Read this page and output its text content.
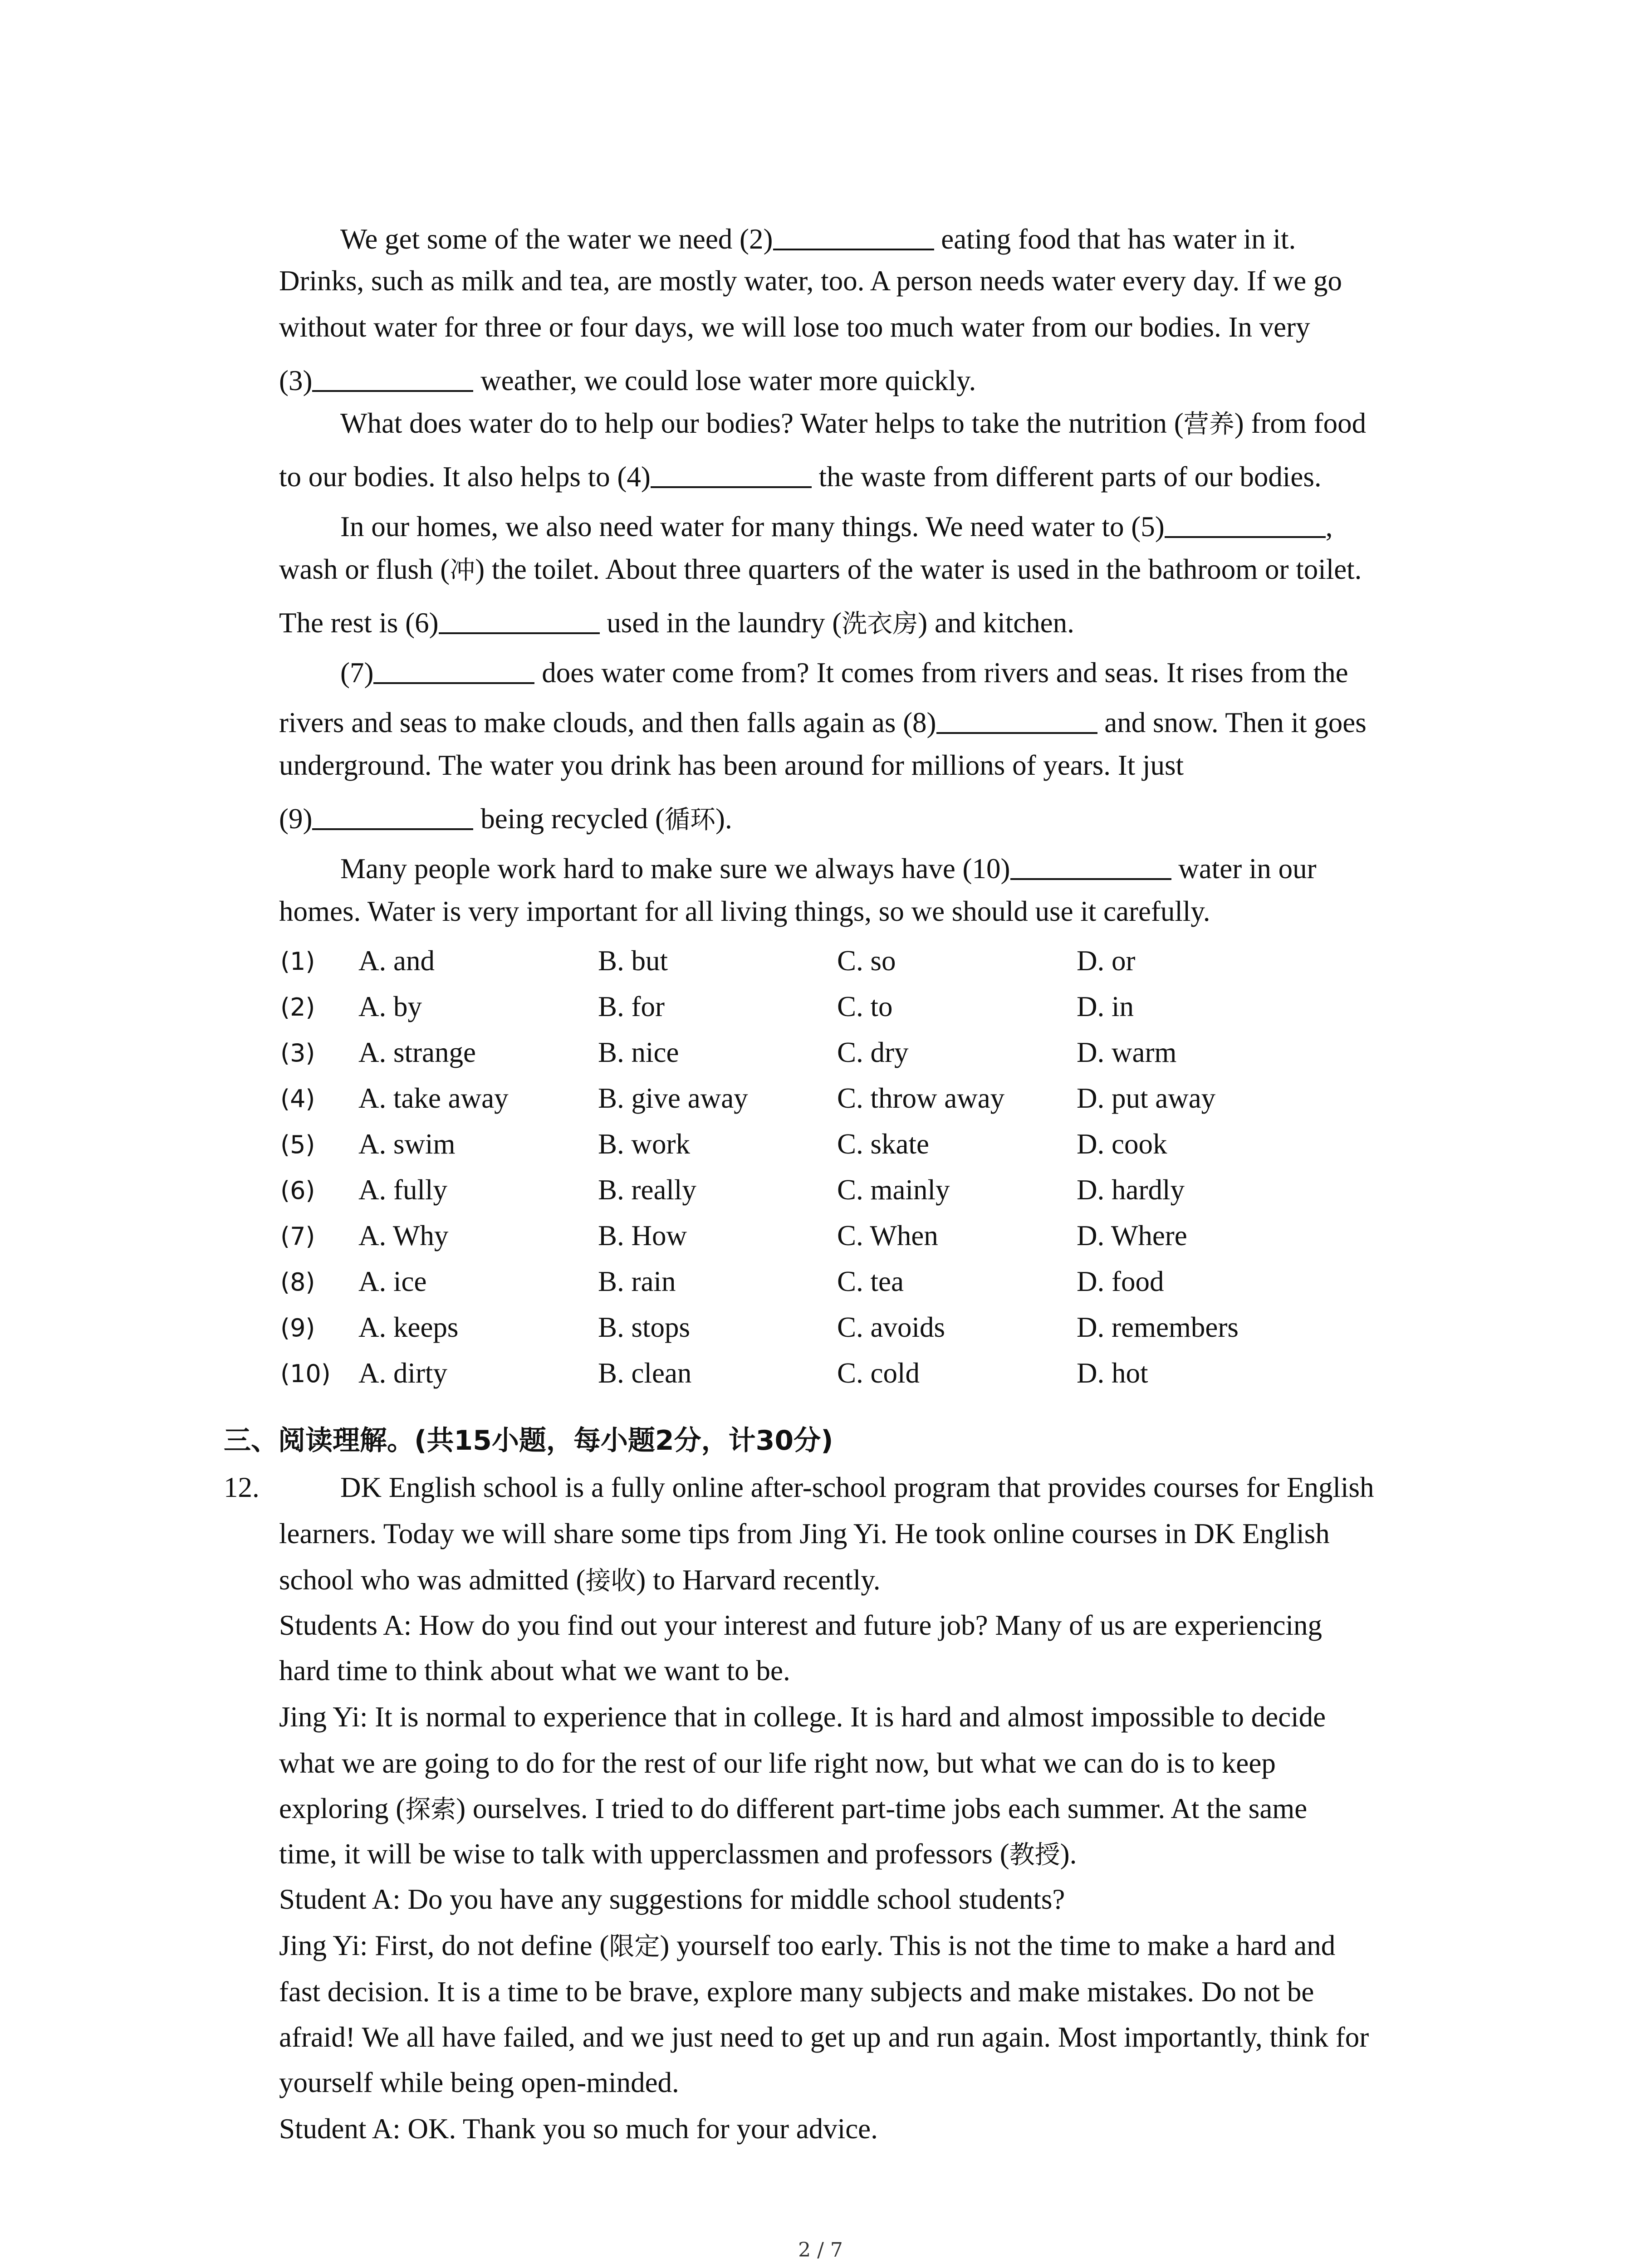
We get some of the water we need (2)	eating food that has water in it.
Drinks, such as milk and tea, are mostly water, too. A person needs water every day. If we go
without water for three or four days, we will lose too much water from our bodies. In very
(3)	weather, we could lose water more quickly.
What does water do to help our bodies? Water helps to take the nutrition (营养) from food
to our bodies. It also helps to (4)	the waste from different parts of our bodies.
In our homes, we also need water for many things. We need water to (5)	,
wash or flush (冲) the toilet. About three quarters of the water is used in the bathroom or toilet.
The rest is (6)	used in the laundry (洗衣房) and kitchen.
(7)	does water come from? It comes from rivers and seas. It rises from the
rivers and seas to make clouds, and then falls again as (8)	and snow. Then it goes
underground. The water you drink has been around for millions of years. It just
(9)	being recycled (循环).
Many people work hard to make sure we always have (10)	water in our
homes. Water is very important for all living things, so we should use it carefully.
(1) A. and	B. but	C. so	D. or
(2) A. by	B. for	C. to	D. in
(3) A. strange	B. nice	C. dry	D. warm
(4) A. take away	B. give away	C. throw away	D. put away
(5) A. swim	B. work	C. skate	D. cook
(6) A. fully	B. really	C. mainly	D. hardly
(7) A. Why	B. How	C. When	D. Where
(8) A. ice	B. rain	C. tea	D. food
(9) A. keeps	B. stops	C. avoids	D. remembers
(10) A. dirty	B. clean	C. cold	D. hot
三、阅读理解。(共15小题，每小题2分，计30分)
12.	DK English school is a fully online after-school program that provides courses for English
learners. Today we will share some tips from Jing Yi. He took online courses in DK English
school who was admitted (接收) to Harvard recently.
Students A: How do you find out your interest and future job? Many of us are experiencing
hard time to think about what we want to be.
Jing Yi: It is normal to experience that in college. It is hard and almost impossible to decide
what we are going to do for the rest of our life right now, but what we can do is to keep
exploring (探索) ourselves. I tried to do different part-time jobs each summer. At the same
time, it will be wise to talk with upperclassmen and professors (教授).
Student A: Do you have any suggestions for middle school students?
Jing Yi: First, do not define (限定) yourself too early. This is not the time to make a hard and
fast decision. It is a time to be brave, explore many subjects and make mistakes. Do not be
afraid! We all have failed, and we just need to get up and run again. Most importantly, think for
yourself while being open-minded.
Student A: OK. Thank you so much for your advice.
2 / 7
